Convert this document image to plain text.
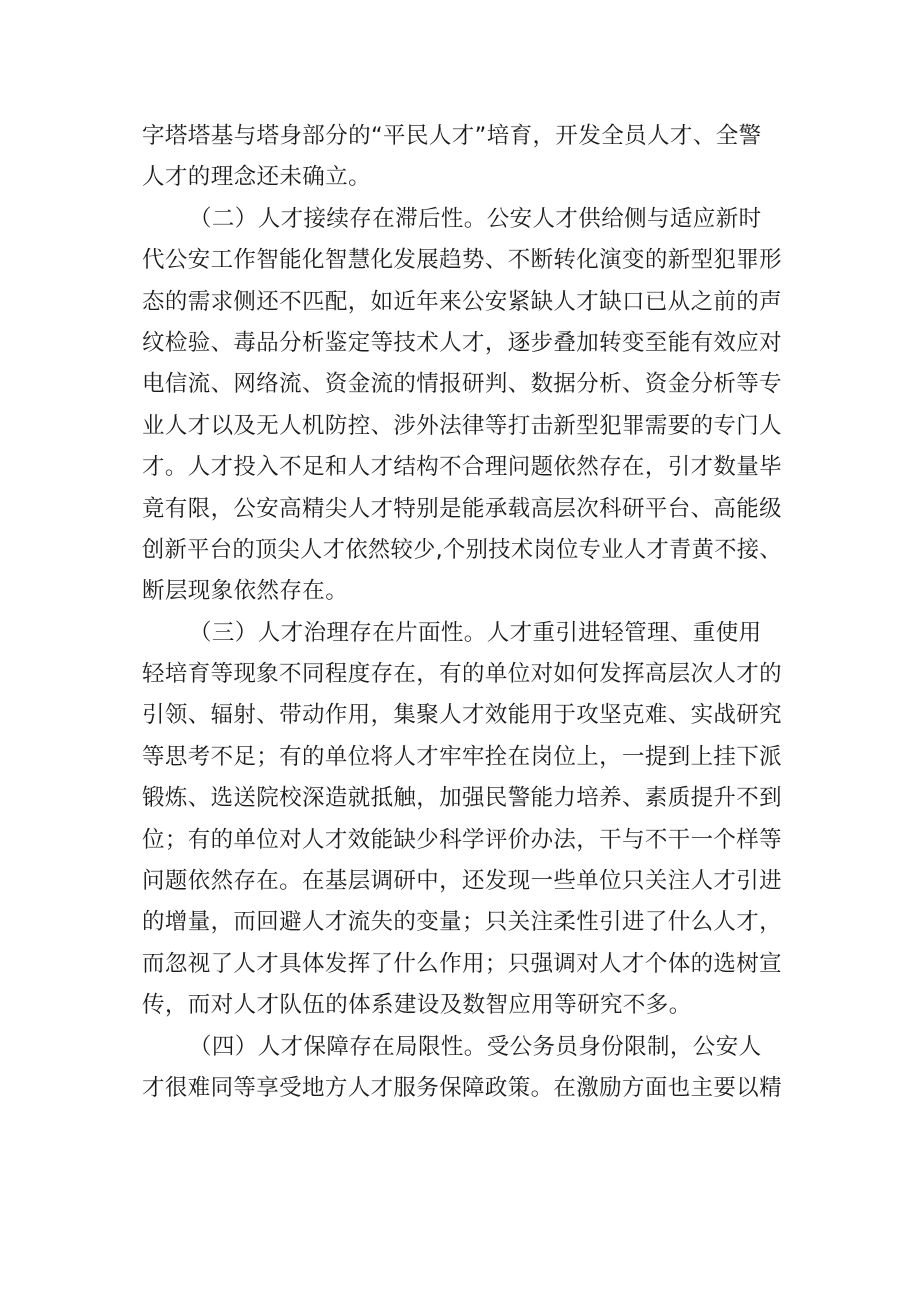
字塔塔基与塔身部分的“平民人才”培育，开发全员人才、全警
人才的理念还未确立。
（二）人才接续存在滞后性。公安人才供给侧与适应新时
代公安工作智能化智慧化发展趋势、不断转化演变的新型犯罪形
态的需求侧还不匹配，如近年来公安紧缺人才缺口已从之前的声
纹检验、毒品分析鉴定等技术人才，逐步叠加转变至能有效应对
电信流、网络流、资金流的情报研判、数据分析、资金分析等专
业人才以及无人机防控、涉外法律等打击新型犯罪需要的专门人
才。人才投入不足和人才结构不合理问题依然存在，引才数量毕
竟有限，公安高精尖人才特别是能承载高层次科研平台、高能级
创新平台的顶尖人才依然较少,个别技术岗位专业人才青黄不接、
断层现象依然存在。
（三）人才治理存在片面性。人才重引进轻管理、重使用
轻培育等现象不同程度存在，有的单位对如何发挥高层次人才的
引领、辐射、带动作用，集聚人才效能用于攻坚克难、实战研究
等思考不足；有的单位将人才牢牢拴在岗位上，一提到上挂下派
锻炼、选送院校深造就抵触，加强民警能力培养、素质提升不到
位；有的单位对人才效能缺少科学评价办法，干与不干一个样等
问题依然存在。在基层调研中，还发现一些单位只关注人才引进
的增量，而回避人才流失的变量；只关注柔性引进了什么人才，
而忽视了人才具体发挥了什么作用；只强调对人才个体的选树宣
传，而对人才队伍的体系建设及数智应用等研究不多。
（四）人才保障存在局限性。受公务员身份限制，公安人
才很难同等享受地方人才服务保障政策。在激励方面也主要以精
